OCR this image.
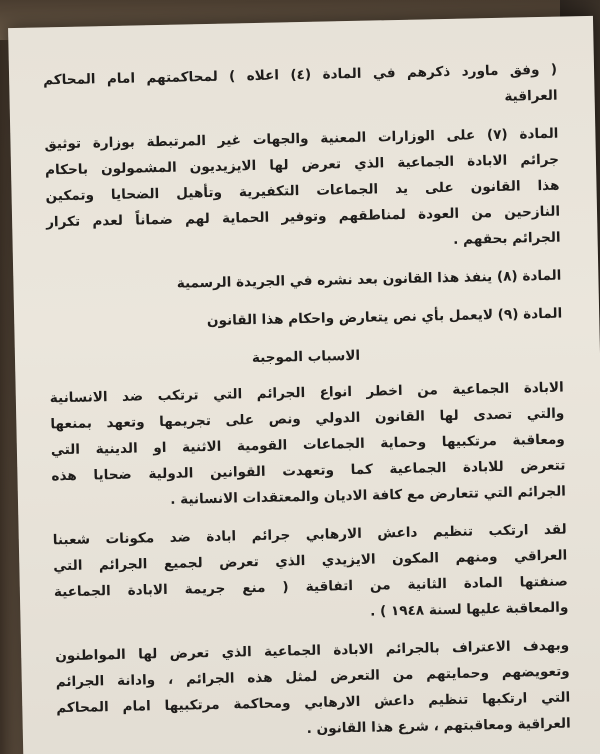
( وفق ماورد ذكرهم في المادة (٤) اعلاه ) لمحاكمتهم امام المحاكم
العراقية

المادة (٧) على الوزارات المعنية والجهات غير المرتبطة بوزارة توثيق
جرائم الابادة الجماعية الذي تعرض لها الايزيديون المشمولون باحكام
هذا القانون على يد الجماعات التكفيرية وتأهيل الضحايا وتمكين
النازحين من العودة لمناطقهم وتوفير الحماية لهم ضماناً لعدم تكرار
الجرائم بحقهم .

المادة (٨) ينفذ هذا القانون بعد نشره في الجريدة الرسمية

المادة (٩) لايعمل بأي نص يتعارض واحكام هذا القانون

الاسباب الموجبة

الابادة الجماعية من اخطر انواع الجرائم التي ترتكب ضد الانسانية
والتي تصدى لها القانون الدولي ونص على تجريمها وتعهد بمنعها
ومعاقبة مرتكبيها وحماية الجماعات القومية الاثنية او الدينية التي
تتعرض للابادة الجماعية كما وتعهدت القوانين الدولية ضحايا هذه
الجرائم التي تتعارض مع كافة الاديان والمعتقدات الانسانية .

لقد ارتكب تنظيم داعش الارهابي جرائم ابادة ضد مكونات شعبنا
العراقي ومنهم المكون الايزيدي الذي تعرض لجميع الجرائم التي
صنفتها المادة الثانية من اتفاقية ( منع جريمة الابادة الجماعية
والمعاقبة عليها لسنة ١٩٤٨ ) .

وبهدف الاعتراف بالجرائم الابادة الجماعية الذي تعرض لها المواطنون
وتعويضهم وحمايتهم من التعرض لمثل هذه الجرائم ، وادانة الجرائم
التي ارتكبها تنظيم داعش الارهابي ومحاكمة مرتكبيها امام المحاكم
العراقية ومعاقبتهم ، شرع هذا القانون .
